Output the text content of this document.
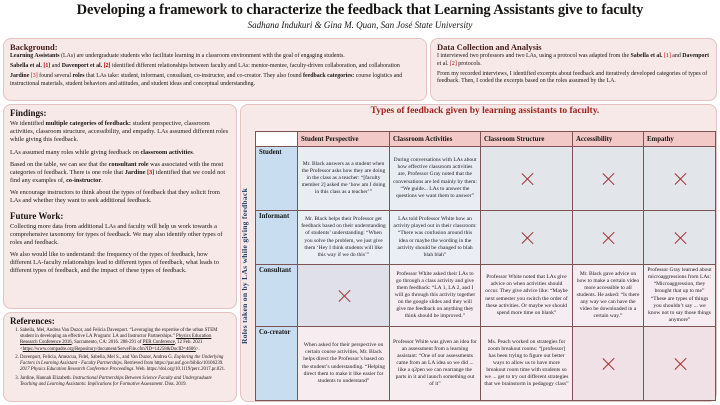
Developing a framework to characterize the feedback that Learning Assistants give to faculty
Sadhana Indukuri & Gina M. Quan, San José State University
Background:
Learning Assistants (LAs) are undergraduate students who facilitate learning in a classroom environment with the goal of engaging students.
Sabella et al. [1] and Davenport et al. [2] identified different relationships between faculty and LAs: mentor-mentee, faculty-driven collaboration, and collaboration
Jardine [3] found several roles that LAs take: student, informant, consultant, co-instructor, and co-creator. They also found feedback categories: course logistics and instructional materials, student behaviors and attitudes, and student ideas and conceptual understanding.
Data Collection and Analysis
I interviewed two professors and two LAs, using a protocol was adapted from the Sabella et al. [1] and Davenport et al. [2] protocols.
From my recorded interviews, I identified excerpts about feedback and iteratively developed categories of types of feedback. Then, I coded the excerpts based on the roles assumed by the LA.
Findings:
We identified multiple categories of feedback: student perspective, classroom activities, classroom structure, accessibility, and empathy. LAs assumed different roles while giving this feedback.
LAs assumed many roles while giving feedback on classroom activities.
Based on the table, we can see that the consultant role was associated with the most categories of feedback. There is one role that Jardine [3] identified that we could not find any examples of, co-instructor.
We encourage instructors to think about the types of feedback that they solicit from LAs and whether they want to seek additional feedback.
Future Work:
Collecting more data from additional LAs and faculty will help us work towards a comprehensive taxonomy for types of feedback. We may also identify other types of roles and feedback.
We also would like to understand: the frequency of the types of feedback, how different LA-faculty relationships lead to different types of feedback, what leads to different types of feedback, and the impact of these types of feedback.
References:
1. Sabella, Mel, Andrea Van Duzor, and Felicia Davenport. “Leveraging the expertise of the urban STEM student in developing an effective LA Program: LA and Instructor Partnerships.” Physics Education Research Conference 2016, Sacramento, CA: 2016. 288-291 of PER Conference, 12 Feb. 2021 <https://www.compadre.org/Repository/document/ServeFile.cfm?ID=14258&DocID=4606>.
2. Davenport, Felicia, Amezcua, Fidel, Sabella, Mel S., and Van Duzor, Andrea G. Exploring the Underlying Factors in Learning Assistant - Faculty Partnerships. Retrieved from https://par.nsf.gov/biblio/10106239. 2017 Physics Education Research Conference Proceedings. Web. https://doi.org/10.1119/perc.2017.pr.021.
3. Jardine, Hannah Elizabeth. Instructional Partnerships Between Science Faculty and Undergraduate Teaching and Learning Assistants: Implications for Formative Assessment. Diss. 2019.
Types of feedback given by learning assistants to faculty.
Roles taken on by LAs while giving feedback
	Student Perspective	Classroom Activities	Classroom Structure	Accessibility	Empathy
Student	Mr. Black answers as a student when the Professor asks how they are doing in the class as a teacher: “[faculty member 2] asked me ‘how am I doing in this class as a teacher’”	During conversations with LAs about how effective classroom activities are, Professor Gray noted that the conversations are led mainly by them: “We guide... LAs to answer the questions we want them to answer”	

Informant	Mr. Black helps their Professor get feedback based on their understanding of students’ understanding: “When you solve the problem, we just give them ‘Hey I think students will like this way if we do this’”	LAs told Professor White how an activity played out in their classroom: “There was confusion around this idea or maybe the wording in the activity should be changed to blah blah blah”	

Consultant		Professor White asked their LAs to go through a class activity and give them feedback: “LA 1, LA 2, and I will go through this activity together on the google slides and they will give me feedback on anything they think should be improved.”	Professor White noted that LAs give advice on when activities should occur. They give advice like: “Maybe next semester you switch the order of these activities. Or maybe we should spend more time on blank”	Mr. Black gave advice on how to make a certain video more accessible to all students. He asked: “Is there any way we can have the video be downloaded in a certain way.”	Professor Gray learned about microaggressions from LAs: “Microaggression, they brought that up to me” “These are types of things you shouldn’t say ... we know not to say those things anymore”
Co-creator	When asked for their perspective on certain course activities, Mr. Black helps direct the Professor’s based on the student’s understanding. “Helping direct them to make it like easier for students to understand”	Professor White was given an idea for an assessment from a learning assistant: “One of our assessments came from an LA idea so we did ... like a q2pen we can rearrange the parts in it and launch something out of it”	Ms. Peach worked on strategies for zoom breakout rooms: “[professor] has been trying to figure out better ways to allow us to have more breakout room time with students so we ... get to try out different strategies that we brainstorm in pedagogy class”	
